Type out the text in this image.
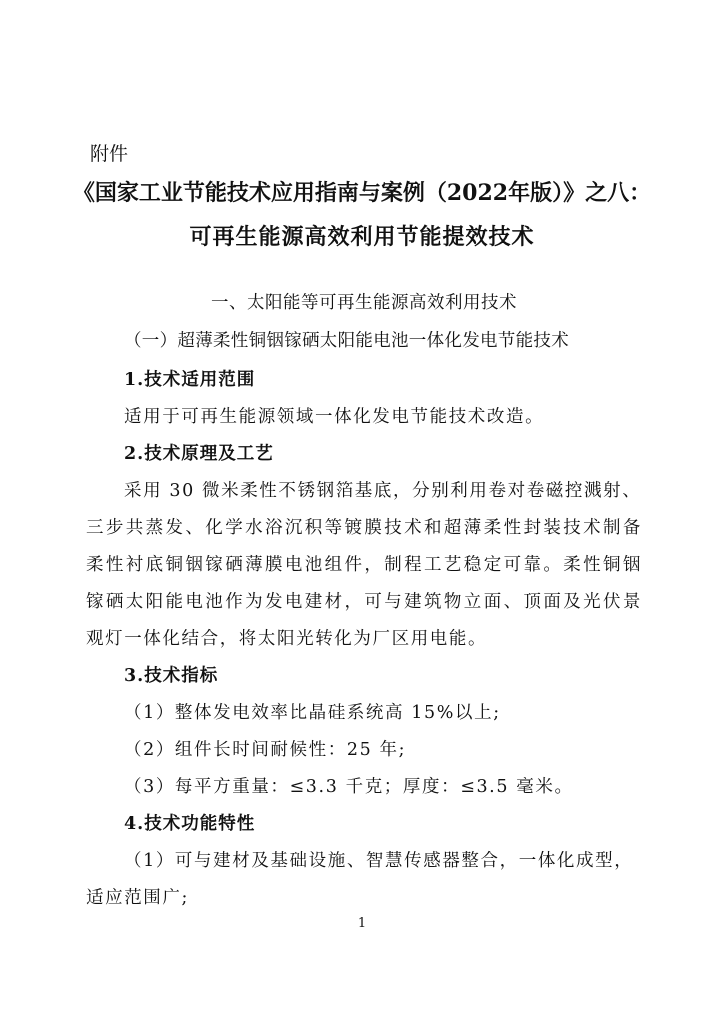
附件
《国家工业节能技术应用指南与案例（2022年版）》之八：
可再生能源高效利用节能提效技术
一、太阳能等可再生能源高效利用技术
（一）超薄柔性铜铟镓硒太阳能电池一体化发电节能技术
1.技术适用范围
适用于可再生能源领域一体化发电节能技术改造。
2.技术原理及工艺
采用 30 微米柔性不锈钢箔基底，分别利用卷对卷磁控溅射、
三步共蒸发、化学水浴沉积等镀膜技术和超薄柔性封装技术制备
柔性衬底铜铟镓硒薄膜电池组件，制程工艺稳定可靠。柔性铜铟
镓硒太阳能电池作为发电建材，可与建筑物立面、顶面及光伏景
观灯一体化结合，将太阳光转化为厂区用电能。
3.技术指标
（1）整体发电效率比晶硅系统高 15%以上;
（2）组件长时间耐候性：25 年;
（3）每平方重量：≤3.3 千克；厚度：≤3.5 毫米。
4.技术功能特性
（1）可与建材及基础设施、智慧传感器整合，一体化成型，
适应范围广;
1
